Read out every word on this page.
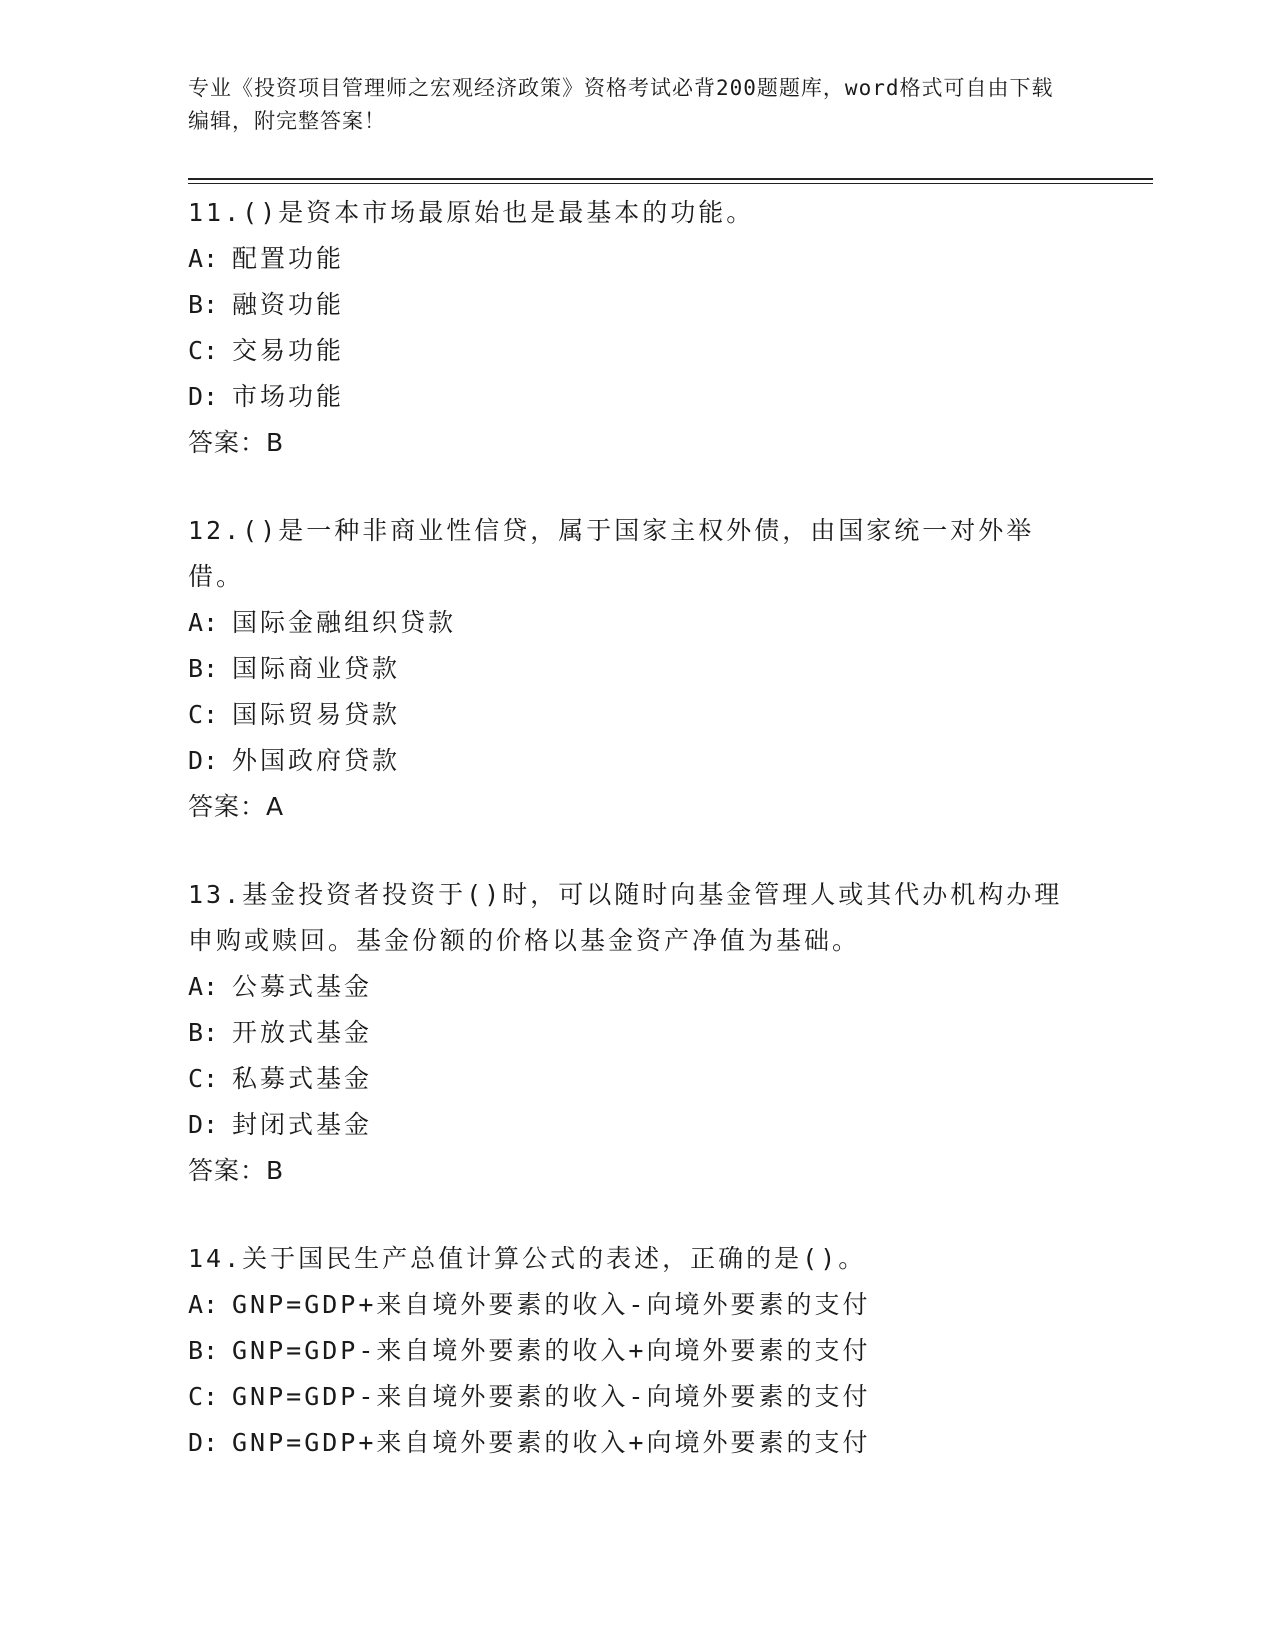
专业《投资项目管理师之宏观经济政策》资格考试必背200题题库，word格式可自由下载编辑，附完整答案！
11.()是资本市场最原始也是最基本的功能。
A: 配置功能
B: 融资功能
C: 交易功能
D: 市场功能
答案：B
12.()是一种非商业性信贷，属于国家主权外债，由国家统一对外举借。
A: 国际金融组织贷款
B: 国际商业贷款
C: 国际贸易贷款
D: 外国政府贷款
答案：A
13.基金投资者投资于()时，可以随时向基金管理人或其代办机构办理申购或赎回。基金份额的价格以基金资产净值为基础。
A: 公募式基金
B: 开放式基金
C: 私募式基金
D: 封闭式基金
答案：B
14.关于国民生产总值计算公式的表述，正确的是()。
A: GNP=GDP+来自境外要素的收入-向境外要素的支付
B: GNP=GDP-来自境外要素的收入+向境外要素的支付
C: GNP=GDP-来自境外要素的收入-向境外要素的支付
D: GNP=GDP+来自境外要素的收入+向境外要素的支付
